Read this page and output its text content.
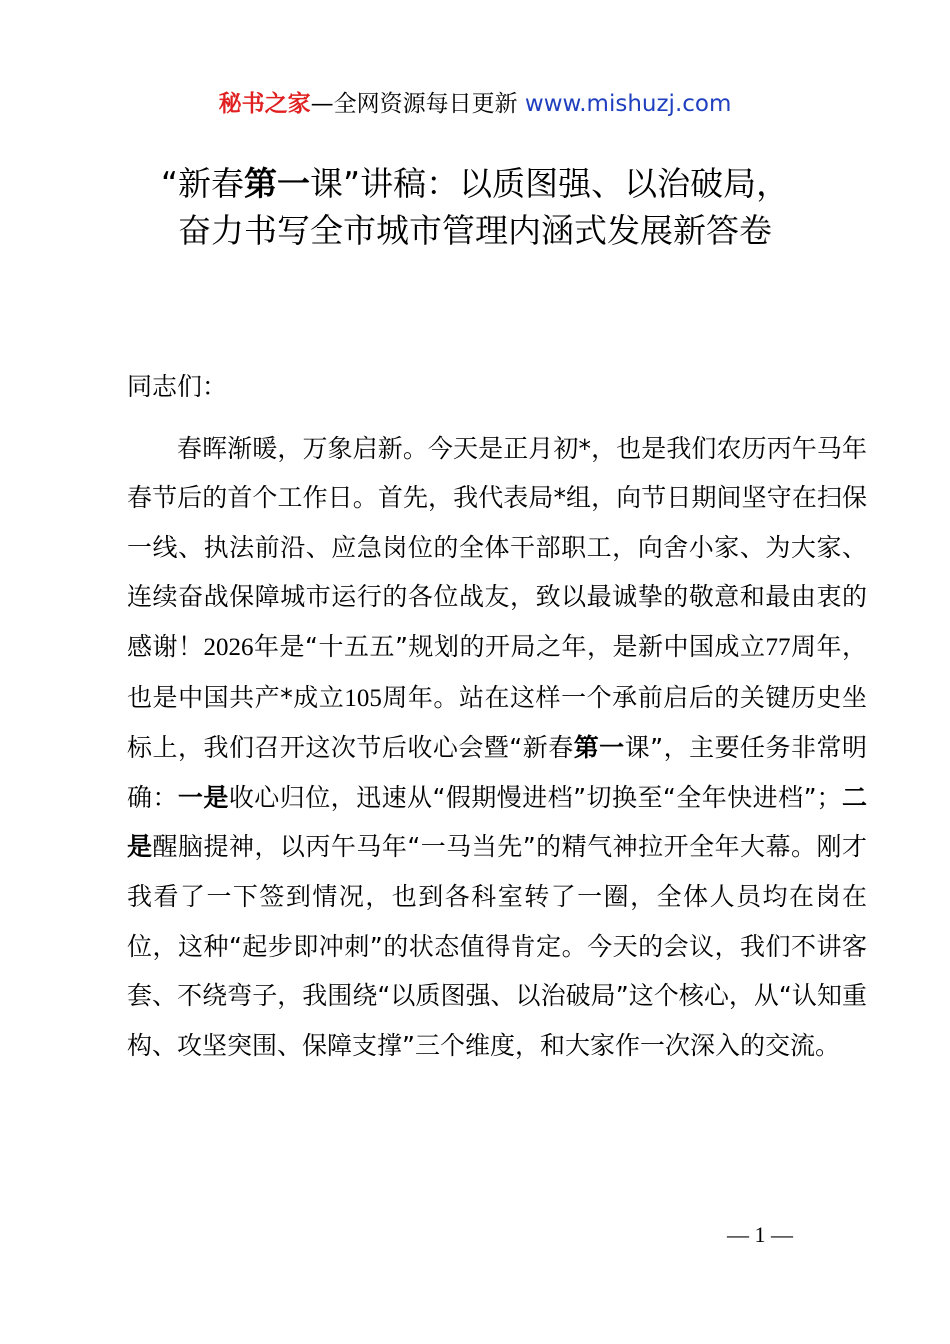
秘书之家—全网资源每日更新 www.mishuzj.com
“新春第一课”讲稿：以质图强、以治破局，
奋力书写全市城市管理内涵式发展新答卷

同志们：

春晖渐暖，万象启新。今天是正月初*，也是我们农历丙午马年春节后的首个工作日。首先，我代表局*组，向节日期间坚守在扫保一线、执法前沿、应急岗位的全体干部职工，向舍小家、为大家、连续奋战保障城市运行的各位战友，致以最诚挚的敬意和最由衷的感谢！2026年是“十五五”规划的开局之年，是新中国成立77周年，也是中国共产*成立105周年。站在这样一个承前启后的关键历史坐标上，我们召开这次节后收心会暨“新春第一课”，主要任务非常明确：一是收心归位，迅速从“假期慢进档”切换至“全年快进档”；二是醒脑提神，以丙午马年“一马当先”的精气神拉开全年大幕。刚才我看了一下签到情况，也到各科室转了一圈，全体人员均在岗在位，这种“起步即冲刺”的状态值得肯定。今天的会议，我们不讲客套、不绕弯子，我围绕“以质图强、以治破局”这个核心，从“认知重构、攻坚突围、保障支撑”三个维度，和大家作一次深入的交流。

— 1 —
